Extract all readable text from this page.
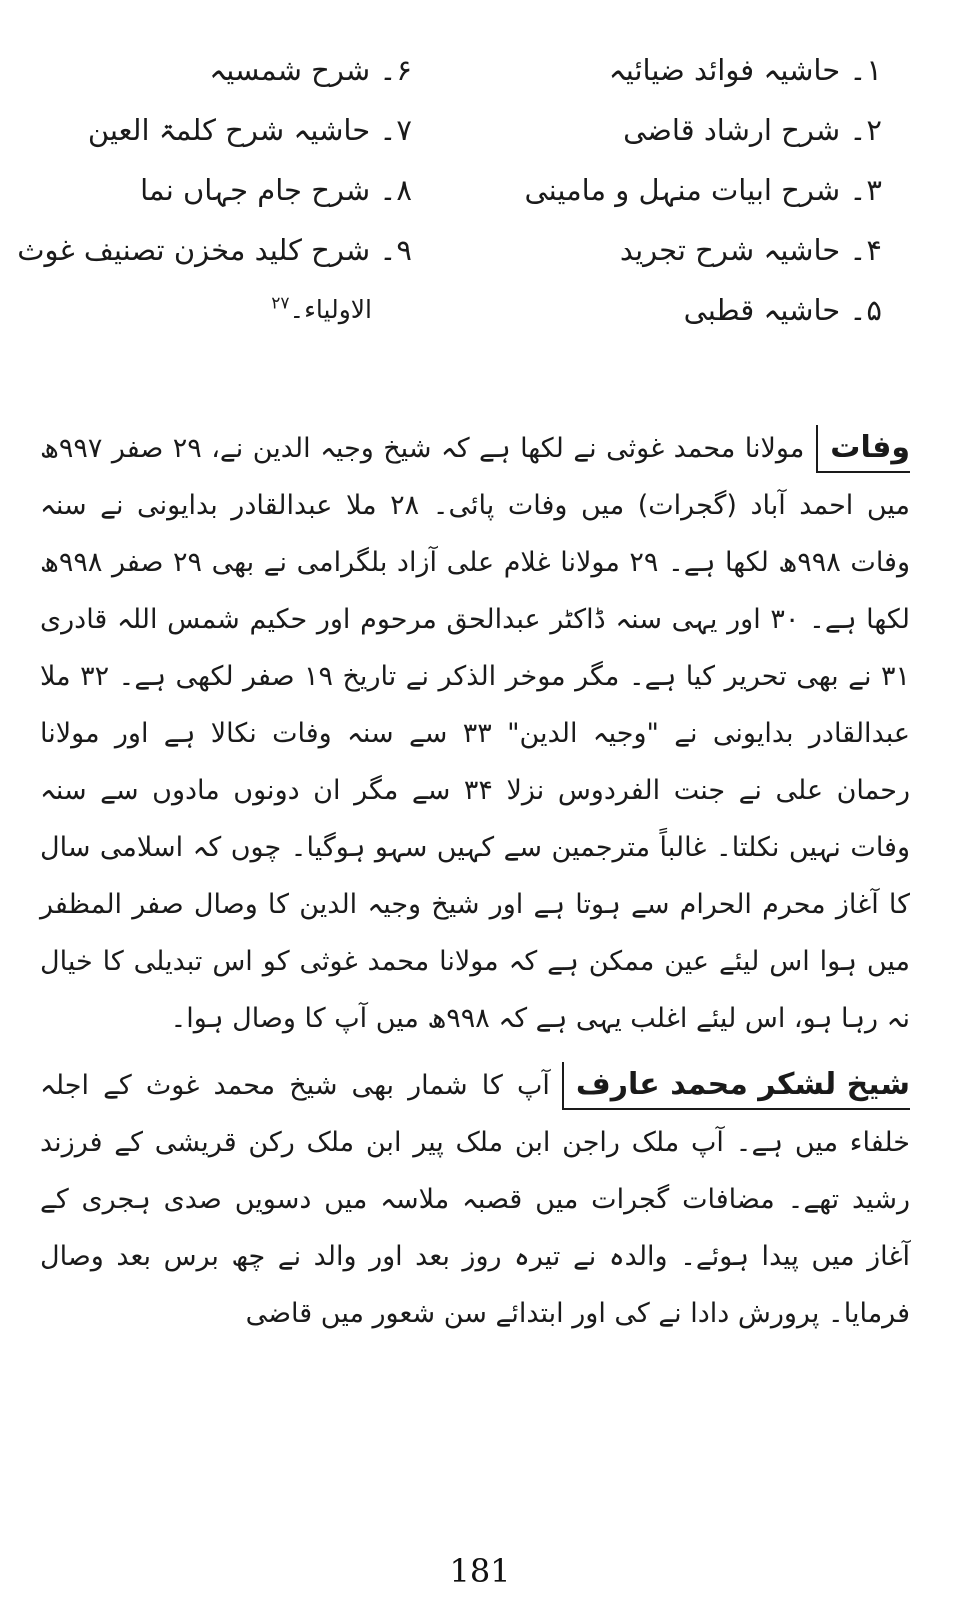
۱۔ حاشیہ فوائد ضیائیہ
۲۔ شرح ارشاد قاضی
۳۔ شرح ابیات منہل و مامینی
۴۔ حاشیہ شرح تجرید
۵۔ حاشیہ قطبی
۶۔ شرح شمسیہ
۷۔ حاشیہ شرح کلمۃ العین
۸۔ شرح جام جہاں نما
۹۔ شرح کلید مخزن تصنیف غوث
الاولیاء۔$^{۲۷}$

وفاتمولانا محمد غوثی نے لکھا ہے کہ شیخ وجیہ الدین نے، ۲۹ صفر ۹۹۷ھ میں احمد آباد (گجرات) میں وفات پائی۔ ۲۸ ملا عبدالقادر بدایونی نے سنہ وفات ۹۹۸ھ لکھا ہے۔ ۲۹ مولانا غلام علی آزاد بلگرامی نے بھی ۲۹ صفر ۹۹۸ھ لکھا ہے۔ ۳۰ اور یہی سنہ ڈاکٹر عبدالحق مرحوم اور حکیم شمس اللہ قادری ۳۱ نے بھی تحریر کیا ہے۔ مگر موخر الذکر نے تاریخ ۱۹ صفر لکھی ہے۔ ۳۲ ملا عبدالقادر بدایونی نے "وجیہ الدین" ۳۳ سے سنہ وفات نکالا ہے اور مولانا رحمان علی نے جنت الفردوس نزلا ۳۴ سے مگر ان دونوں مادوں سے سنہ وفات نہیں نکلتا۔ غالباً مترجمین سے کہیں سہو ہوگیا۔ چوں کہ اسلامی سال کا آغاز محرم الحرام سے ہوتا ہے اور شیخ وجیہ الدین کا وصال صفر المظفر میں ہوا اس لیئے عین ممکن ہے کہ مولانا محمد غوثی کو اس تبدیلی کا خیال نہ رہا ہو، اس لیئے اغلب یہی ہے کہ ۹۹۸ھ میں آپ کا وصال ہوا۔

شیخ لشکر محمد عارفآپ کا شمار بھی شیخ محمد غوث کے اجلہ خلفاء میں ہے۔ آپ ملک راجن ابن ملک پیر ابن ملک رکن قریشی کے فرزند رشید تھے۔ مضافات گجرات میں قصبہ ملاسہ میں دسویں صدی ہجری کے آغاز میں پیدا ہوئے۔ والدہ نے تیرہ روز بعد اور والد نے چھ برس بعد وصال فرمایا۔ پرورش دادا نے کی اور ابتدائے سن شعور میں قاضی

181
